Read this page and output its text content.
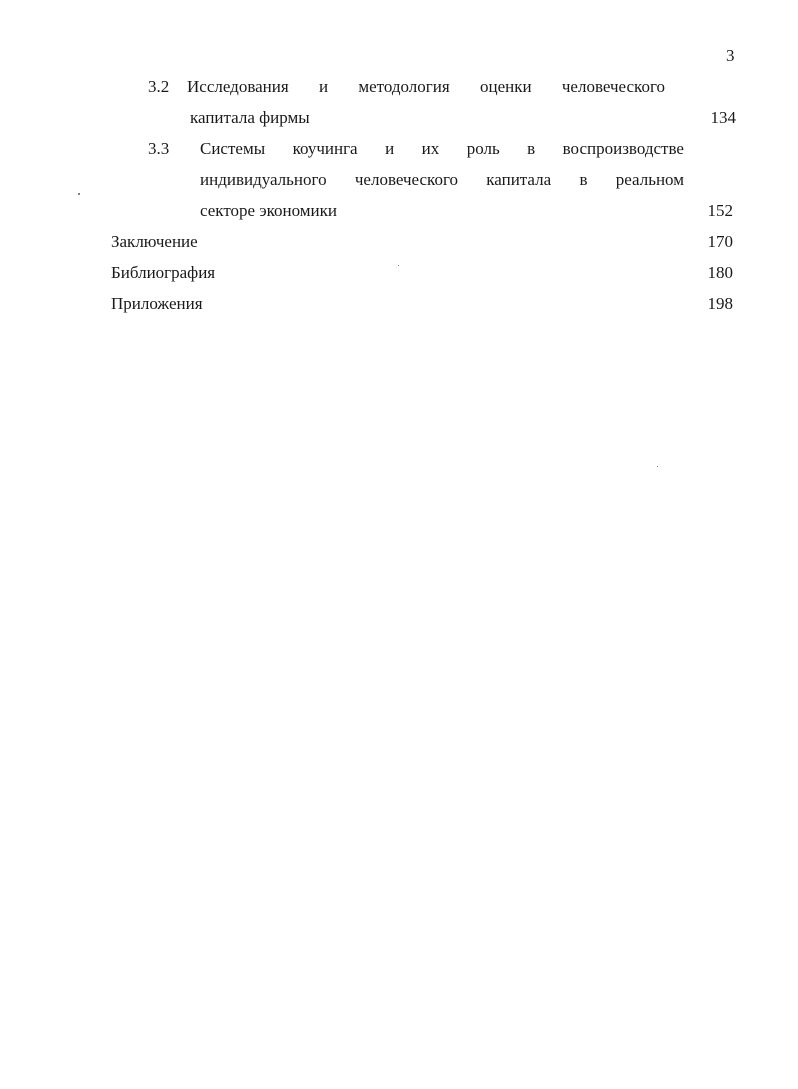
3
3.2 Исследования и методология оценки человеческого
капитала фирмы	134
3.3 Системы коучинга и их роль в воспроизводстве
индивидуального человеческого капитала в реальном
секторе экономики	152
Заключение	170
Библиография	180
Приложения	198
